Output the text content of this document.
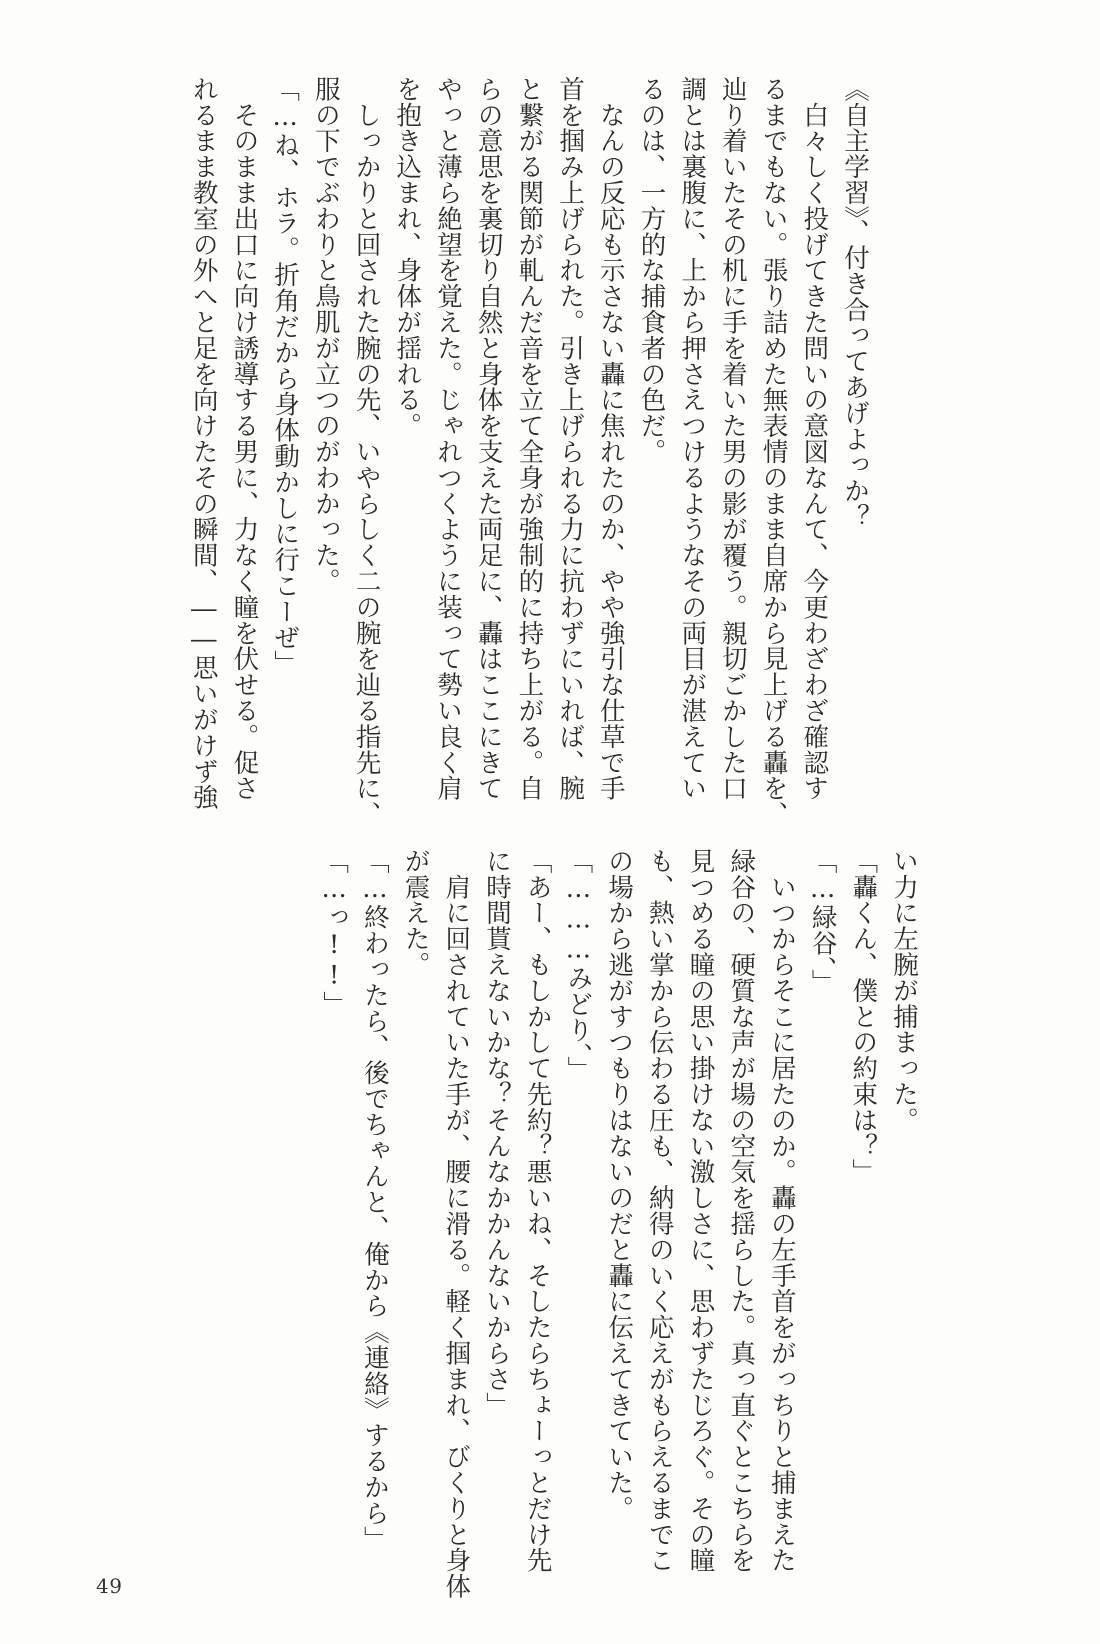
《自主学習》、付き合ってあげよっか？

　白々しく投げてきた問いの意図なんて、今更わざわざ確認す

るまでもない。張り詰めた無表情のまま自席から見上げる轟を、

辿り着いたその机に手を着いた男の影が覆う。親切ごかした口

調とは裏腹に、上から押さえつけるようなその両目が湛えてい

るのは、一方的な捕食者の色だ。

　なんの反応も示さない轟に焦れたのか、やや強引な仕草で手

首を掴み上げられた。引き上げられる力に抗わずにいれば、腕

と繋がる関節が軋んだ音を立て全身が強制的に持ち上がる。自

らの意思を裏切り自然と身体を支えた両足に、轟はここにきて

やっと薄ら絶望を覚えた。じゃれつくように装って勢い良く肩

を抱き込まれ、身体が揺れる。

　しっかりと回された腕の先、いやらしく二の腕を辿る指先に、

服の下でぶわりと鳥肌が立つのがわかった。

「…ね、ホラ。折角だから身体動かしに行こーぜ」

　そのまま出口に向け誘導する男に、力なく瞳を伏せる。促さ

れるまま教室の外へと足を向けたその瞬間、――思いがけず強

い力に左腕が捕まった。

「轟くん、僕との約束は？」

「…緑谷、」

　いつからそこに居たのか。轟の左手首をがっちりと捕まえた

緑谷の、硬質な声が場の空気を揺らした。真っ直ぐとこちらを

見つめる瞳の思い掛けない激しさに、思わずたじろぐ。その瞳

も、熱い掌から伝わる圧も、納得のいく応えがもらえるまでこ

の場から逃がすつもりはないのだと轟に伝えてきていた。

「………みどり、」

「あー、もしかして先約？悪いね、そしたらちょーっとだけ先

に時間貰えないかな？そんなかかんないからさ」

　肩に回されていた手が、腰に滑る。軽く掴まれ、びくりと身体

が震えた。

「…終わったら、後でちゃんと、俺から《連絡》するから」

「…っ!!」

49
